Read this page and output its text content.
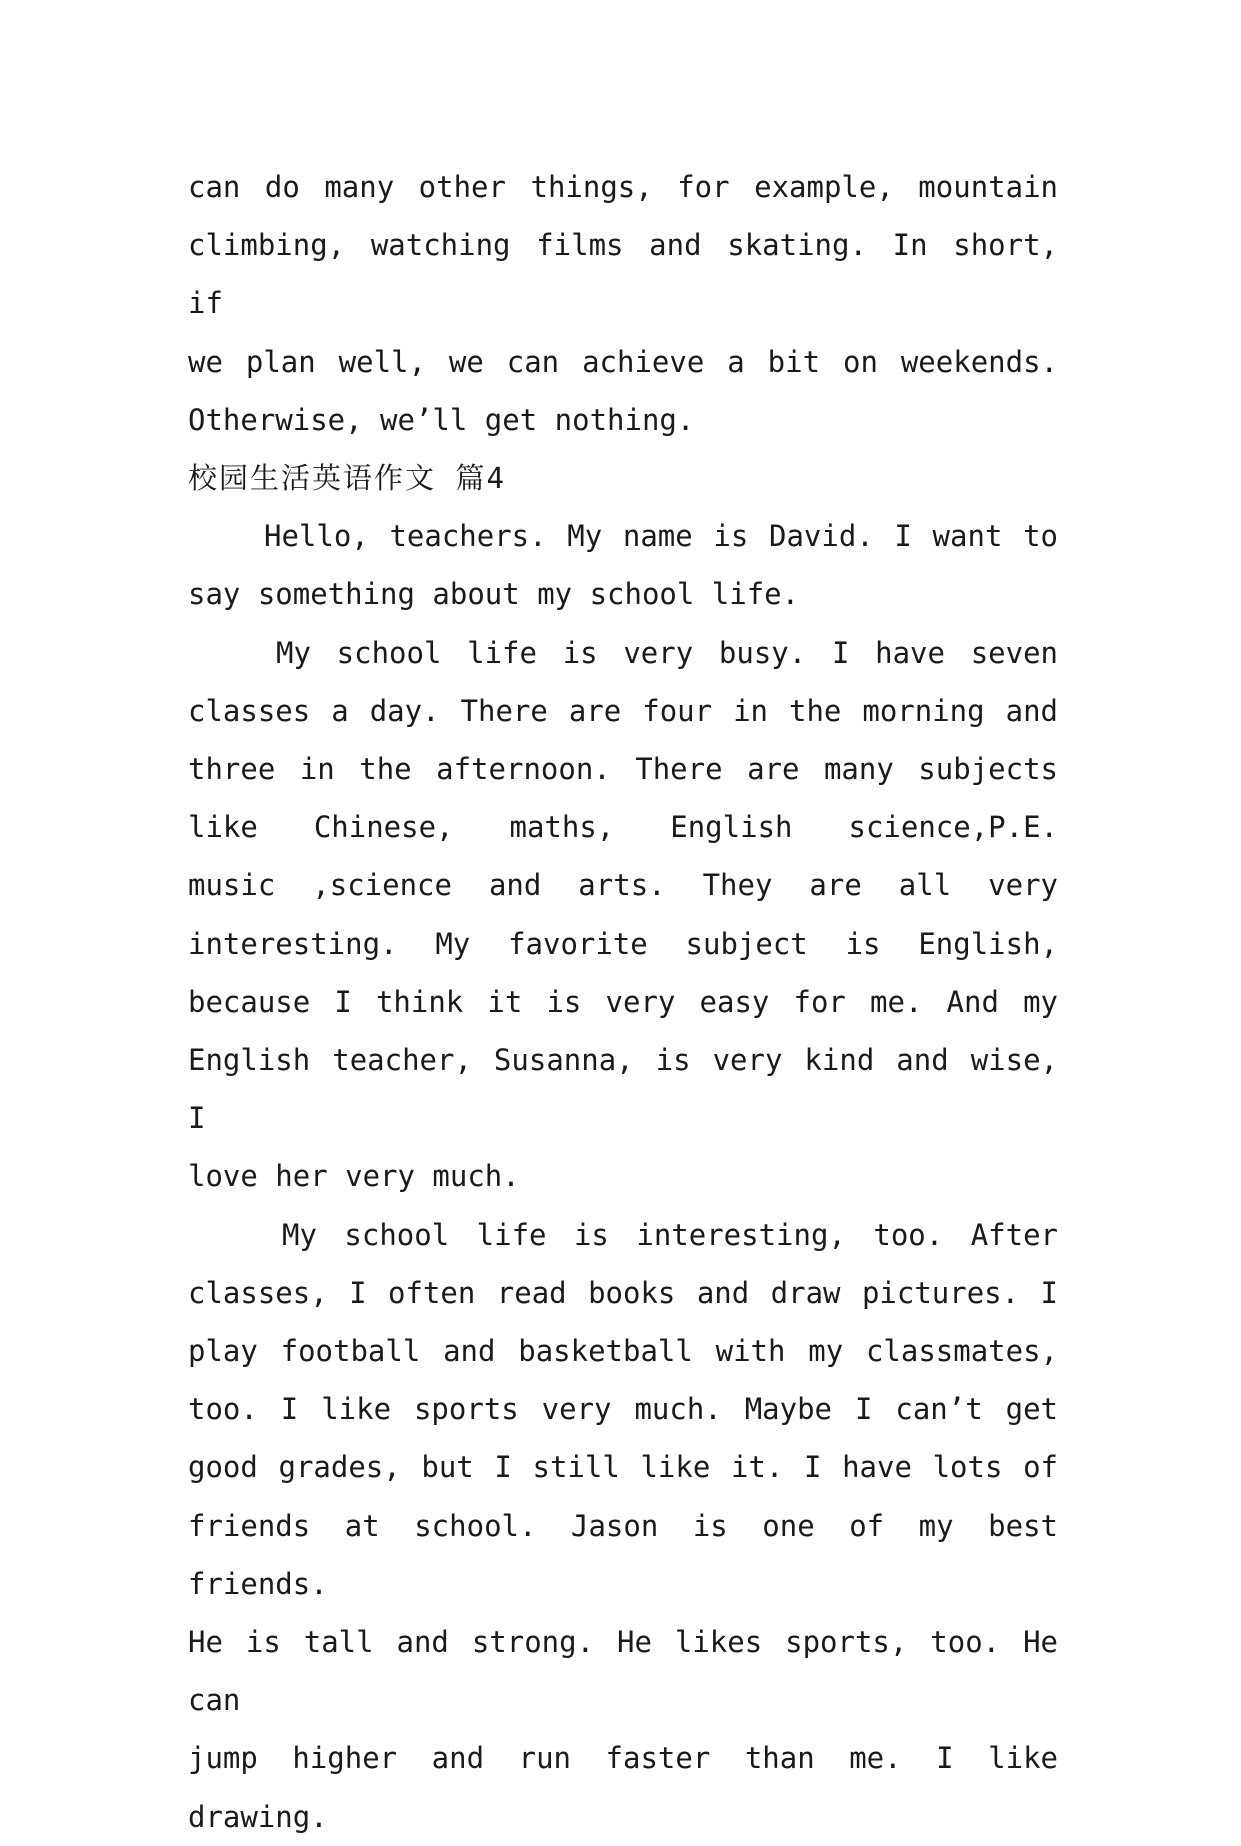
can do many other things, for example, mountain
climbing, watching films and skating. In short, if
we plan well, we can achieve a bit on weekends.
Otherwise, we’ll get nothing.

校园生活英语作文 篇4

Hello, teachers. My name is David. I want to
say something about my school life.

My school life is very busy. I have seven
classes a day. There are four in the morning and
three in the afternoon. There are many subjects
like Chinese, maths, English science,P.E.
music ,science and arts. They are all very
interesting. My favorite subject is English,
because I think it is very easy for me. And my
English teacher, Susanna, is very kind and wise, I
love her very much.

My school life is interesting, too. After
classes, I often read books and draw pictures. I
play football and basketball with my classmates,
too. I like sports very much. Maybe I can’t get
good grades, but I still like it. I have lots of
friends at school. Jason is one of my best friends.
He is tall and strong. He likes sports, too. He can
jump higher and run faster than me. I like drawing.
